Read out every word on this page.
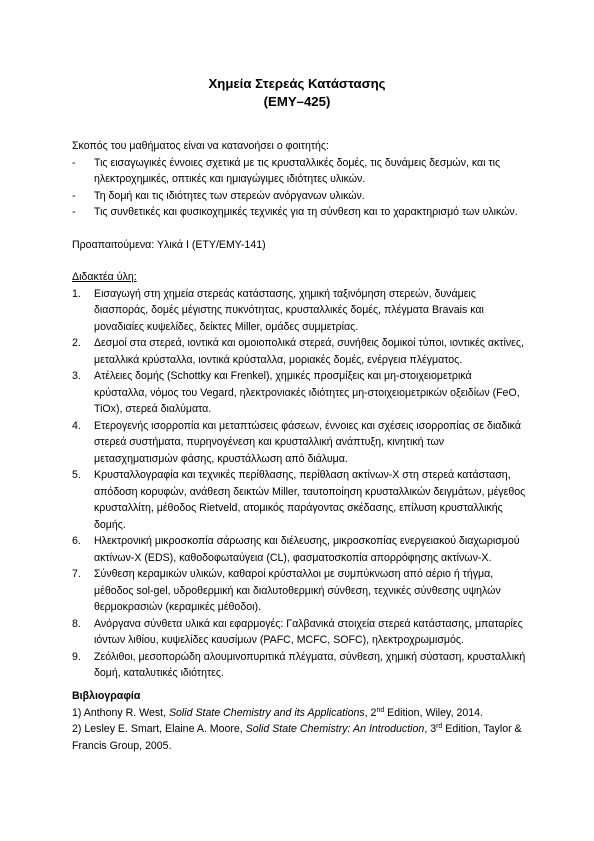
Χημεία Στερεάς Κατάστασης
(ΕΜΥ–425)
Σκοπός του μαθήματος είναι να κατανοήσει ο φοιτητής:
- Τις εισαγωγικές έννοιες σχετικά με τις κρυσταλλικές δομές, τις δυνάμεις δεσμών, και τις ηλεκτροχημικές, οπτικές και ημιαγώγιμες ιδιότητες υλικών.
- Τη δομή και τις ιδιότητες των στερεών ανόργανων υλικών.
- Τις συνθετικές και φυσικοχημικές τεχνικές για τη σύνθεση και το χαρακτηρισμό των υλικών.
Προαπαιτούμενα: Υλικά Ι (ΕΤΥ/ΕΜΥ-141)
Διδακτέα ύλη:
1. Εισαγωγή στη χημεία στερεάς κατάστασης, χημική ταξινόμηση στερεών, δυνάμεις διασποράς, δομές μέγιστης πυκνότητας, κρυσταλλικές δομές, πλέγματα Bravais και μοναδιαίες κυψελίδες, δείκτες Miller, ομάδες συμμετρίας.
2. Δεσμοί στα στερεά, ιοντικά και ομοιοπολικά στερεά, συνήθεις δομικοί τύποι, ιοντικές ακτίνες, μεταλλικά κρύσταλλα, ιοντικά κρύσταλλα, μοριακές δομές, ενέργεια πλέγματος.
3. Ατέλειες δομής (Schottky και Frenkel), χημικές προσμίξεις και μη-στοιχειομετρικά κρύσταλλα, νόμος του Vegard, ηλεκτρονιακές ιδιότητες μη-στοιχειομετρικών οξειδίων (FeO, TiOx), στερεά διαλύματα.
4. Ετερογενής ισορροπία και μεταπτώσεις φάσεων, έννοιες και σχέσεις ισορροπίας σε διαδικά στερεά συστήματα, πυρηνογένεση και κρυσταλλική ανάπτυξη, κινητική των μετασχηματισμών φάσης, κρυστάλλωση από διάλυμα.
5. Κρυσταλλογραφία και τεχνικές περίθλασης, περίθλαση ακτίνων-Χ στη στερεά κατάσταση, απόδοση κορυφών, ανάθεση δεικτών Miller, ταυτοποίηση κρυσταλλικών δειγμάτων, μέγεθος κρυσταλλίτη, μέθοδος Rietveld, ατομικός παράγοντας σκέδασης, επίλυση κρυσταλλικής δομής.
6. Ηλεκτρονική μικροσκοπία σάρωσης και διέλευσης, μικροσκοπίας ενεργειακού διαχωρισμού ακτίνων-Χ (EDS), καθοδοφωταύγεια (CL), φασματοσκοπία απορρόφησης ακτίνων-Χ.
7. Σύνθεση κεραμικών υλικών, καθαροί κρύσταλλοι με συμπύκνωση από αέριο ή τήγμα, μέθοδος sol-gel, υδροθερμική και διαλυτοθερμική σύνθεση, τεχνικές σύνθεσης υψηλών θερμοκρασιών (κεραμικές μέθοδοι).
8. Ανόργανα σύνθετα υλικά και εφαρμογές: Γαλβανικά στοιχεία στερεά κατάστασης, μπαταρίες ιόντων λιθίου, κυψελίδες καυσίμων (PAFC, MCFC, SOFC), ηλεκτροχρωμισμός.
9. Ζεόλιθοι, μεσοπορώδη αλουμινοπυριτικά πλέγματα, σύνθεση, χημική σύσταση, κρυσταλλική δομή, καταλυτικές ιδιότητες.
Βιβλιογραφία
1) Anthony R. West, Solid State Chemistry and its Applications, 2nd Edition, Wiley, 2014.
2) Lesley E. Smart, Elaine A. Moore, Solid State Chemistry: An Introduction, 3rd Edition, Taylor & Francis Group, 2005.
